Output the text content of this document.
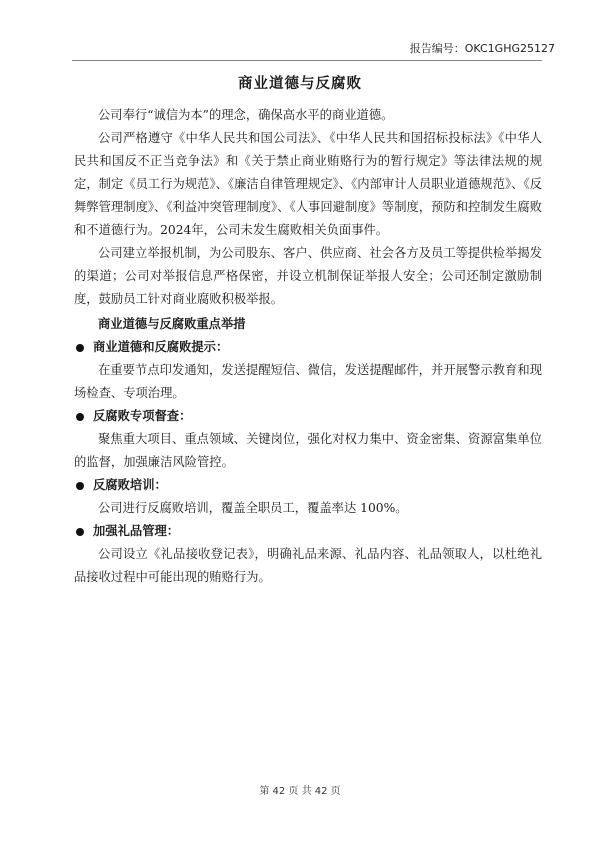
报告编号：OKC1GHG25127
商业道德与反腐败

公司奉行“诚信为本”的理念，确保高水平的商业道德。

公司严格遵守《中华人民共和国公司法》、《中华人民共和国招标投标法》《中华人民共和国反不正当竞争法》和《关于禁止商业贿赂行为的暂行规定》等法律法规的规定，制定《员工行为规范》、《廉洁自律管理规定》、《内部审计人员职业道德规范》、《反舞弊管理制度》、《利益冲突管理制度》、《人事回避制度》等制度，预防和控制发生腐败和不道德行为。2024年，公司未发生腐败相关负面事件。

公司建立举报机制，为公司股东、客户、供应商、社会各方及员工等提供检举揭发的渠道；公司对举报信息严格保密，并设立机制保证举报人安全；公司还制定激励制度，鼓励员工针对商业腐败积极举报。

商业道德与反腐败重点举措
商业道德和反腐败提示：

在重要节点印发通知，发送提醒短信、微信，发送提醒邮件，并开展警示教育和现场检查、专项治理。

反腐败专项督查：

聚焦重大项目、重点领域、关键岗位，强化对权力集中、资金密集、资源富集单位的监督，加强廉洁风险管控。

反腐败培训：

公司进行反腐败培训，覆盖全职员工，覆盖率达 100%。

加强礼品管理：

公司设立《礼品接收登记表》，明确礼品来源、礼品内容、礼品领取人，以杜绝礼品接收过程中可能出现的贿赂行为。

第 42 页 共 42 页
